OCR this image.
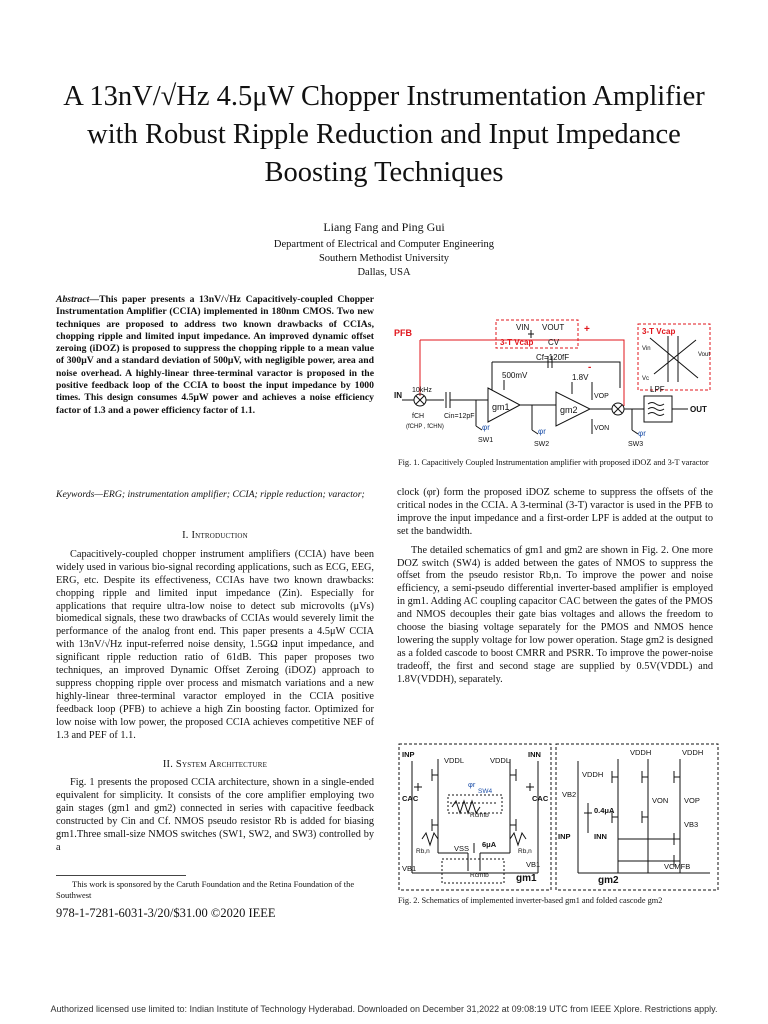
A 13nV/√Hz 4.5μW Chopper Instrumentation Amplifier with Robust Ripple Reduction and Input Impedance Boosting Techniques
Liang Fang and Ping Gui
Department of Electrical and Computer Engineering
Southern Methodist University
Dallas, USA
Abstract—This paper presents a 13nV/√Hz Capacitively-coupled Chopper Instrumentation Amplifier (CCIA) implemented in 180nm CMOS. Two new techniques are proposed to address two known drawbacks of CCIAs, chopping ripple and limited input impedance. An improved dynamic offset zeroing (iDOZ) is proposed to suppress the chopping ripple to a mean value of 300μV and a standard deviation of 500μV, with negligible power, area and noise overhead. A highly-linear three-terminal varactor is proposed in the positive feedback loop of the CCIA to boost the input impedance by 1000 times. This design consumes 4.5μW power and achieves a noise efficiency factor of 1.3 and a power efficiency factor of 1.1.
Keywords—ERG; instrumentation amplifier; CCIA; ripple reduction; varactor;
I. Introduction

Capacitively-coupled chopper instrument amplifiers (CCIA) have been widely used in various bio-signal recording applications, such as ECG, EEG, ERG, etc. Despite its effectiveness, CCIAs have two known drawbacks: chopping ripple and limited input impedance (Zin). Especially for applications that require ultra-low noise to detect sub microvolts (μVs) biomedical signals, these two drawbacks of CCIAs would severely limit the performance of the analog front end. This paper presents a 4.5μW CCIA with 13nV/√Hz input-referred noise density, 1.5GΩ input impedance, and significant ripple reduction ratio of 61dB. This paper proposes two techniques, an improved Dynamic Offset Zeroing (iDOZ) approach to suppress chopping ripple over process and mismatch variations and a new highly-linear three-terminal varactor employed in the CCIA positive feedback loop (PFB) to achieve a high Zin boosting factor. Optimized for low noise with low power, the proposed CCIA achieves competitive NEF of 1.3 and PEF of 1.1.

II. System Architecture

Fig. 1 presents the proposed CCIA architecture, shown in a single-ended equivalent for simplicity. It consists of the core amplifier employing two gain stages (gm1 and gm2) connected in series with capacitive feedback constructed by Cin and Cf. NMOS pseudo resistor Rb is added for biasing gm1.Three small-size NMOS switches (SW1, SW2, and SW3) controlled by a

This work is sponsored by the Caruth Foundation and the Retina Foundation of the Southwest
978-1-7281-6031-3/20/$31.00 ©2020 IEEE
PFB
VIN VOUT
3-T Vcap CV
3-T Vcap
+
-
Cf=120fF
500mV	1.8V
IN
10kHz
Cin=12pF
gm1	gm2
φr	φr	φr
SW1
SW2	SW3
LPF
OUT
VOP
VON
fCH
(fCHP , fCHN)
Vout
Vin
Vc
Fig. 1. Capacitively Coupled Instrumentation amplifier with proposed iDOZ and 3-T varactor

clock (φr) form the proposed iDOZ scheme to suppress the offsets of the critical nodes in the CCIA. A 3-terminal (3-T) varactor is used in the PFB to improve the input impedance and a first-order LPF is added at the output to set the bandwidth.

The detailed schematics of gm1 and gm2 are shown in Fig. 2. One more DOZ switch (SW4) is added between the gates of NMOS to suppress the offset from the pseudo resistor Rb,n. To improve the power and noise efficiency, a semi-pseudo differential inverter-based amplifier is employed in gm1. Adding AC coupling capacitor CAC between the gates of the PMOS and NMOS decouples their gate bias voltages and allows the freedom to choose the biasing voltage separately for the PMOS and NMOS hence lowering the supply voltage for low power operation. Stage gm2 is designed as a folded cascode to boost CMRR and PSRR. To improve the power-noise tradeoff, the first and second stage are supplied by 0.5V(VDDL) and 1.8V(VDDH), separately.

INP	INN
VDDL	VDDL
CAC	CAC
φr
SW4
Rcmfb
Rb,n	Rb,n
VB1	VB1
VSS 6μA
gm1
Rcmfb
VDDH
VDDH	VDDH
VB2
0.4μA
INP	INN
VON VOP
VB3
VCMFB
gm2
Fig. 2. Schematics of implemented inverter-based gm1 and folded cascode gm2
Authorized licensed use limited to: Indian Institute of Technology Hyderabad. Downloaded on December 31,2022 at 09:08:19 UTC from IEEE Xplore. Restrictions apply.
